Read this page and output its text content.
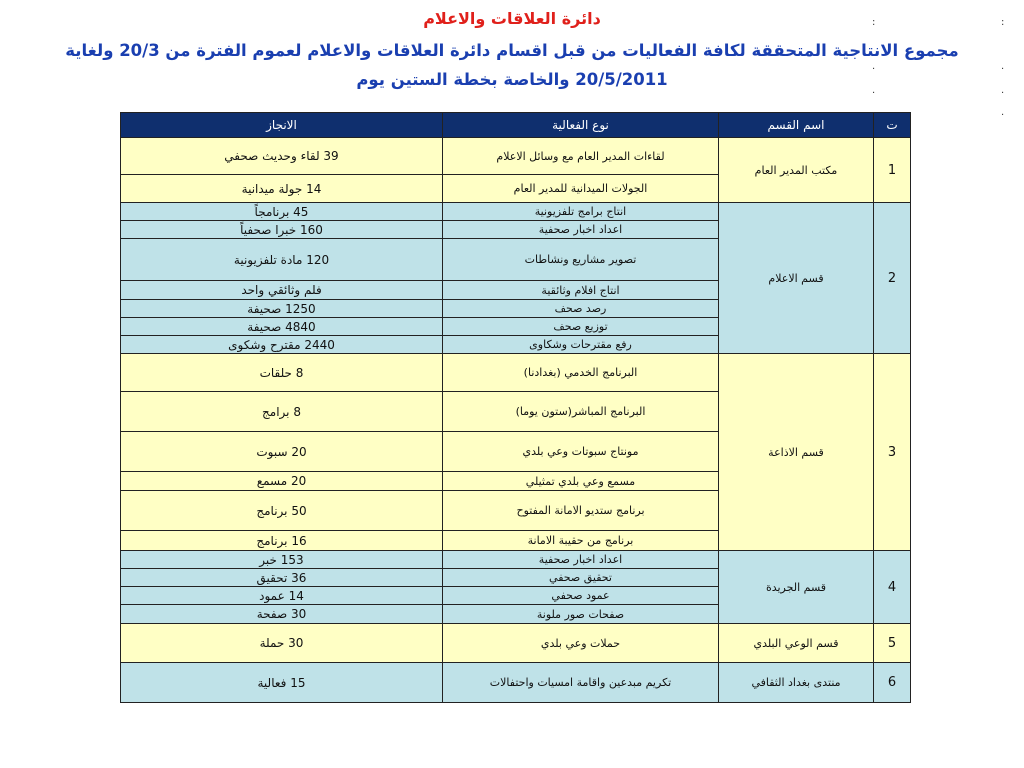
دائرة العلاقات والاعلام
مجموع الانتاجية المتحققة لكافة الفعاليات من قبل اقسام دائرة العلاقات والاعلام لعموم الفترة من 20/3 ولغاية 20/5/2011 والخاصة بخطة الستين يوم
:	:
.	.
.	.
.
ت	اسم القسم	نوع الفعالية	الانجاز
1	مكتب المدير العام	لقاءات المدير العام مع وسائل الاعلام	39 لقاء وحديث صحفي
		الجولات الميدانية للمدير العام	14 جولة ميدانية
2	قسم الاعلام	انتاج برامج تلفزيونية	45 برنامجاً
		اعداد اخبار صحفية	160 خبرا صحفياً
		تصوير مشاريع ونشاطات	120 مادة تلفزيونية
		انتاج افلام وثائقية	فلم وثائقي واحد
		رصد صحف	1250 صحيفة
		توزيع صحف	4840 صحيفة
		رفع مقترحات وشكاوى	2440 مقترح وشكوى
3	قسم الاذاعة	البرنامج الخدمي (بغدادنا)	8 حلقات
		البرنامج المباشر(ستون يوما)	8 برامج
		مونتاج سبوتات وعي بلدي	20 سبوت
		مسمع وعي بلدي تمثيلي	20 مسمع
		برنامج ستديو الامانة المفتوح	50 برنامج
		برنامج من حقيبة الامانة	16 برنامج
4	قسم الجريدة	اعداد اخبار صحفية	153 خبر
		تحقيق صحفي	36 تحقيق
		عمود صحفي	14 عمود
		صفحات صور ملونة	30 صفحة
5	قسم الوعي البلدي	حملات وعي بلدي	30 حملة
6	منتدى بغداد الثقافي	تكريم مبدعين واقامة امسيات واحتفالات	15 فعالية
